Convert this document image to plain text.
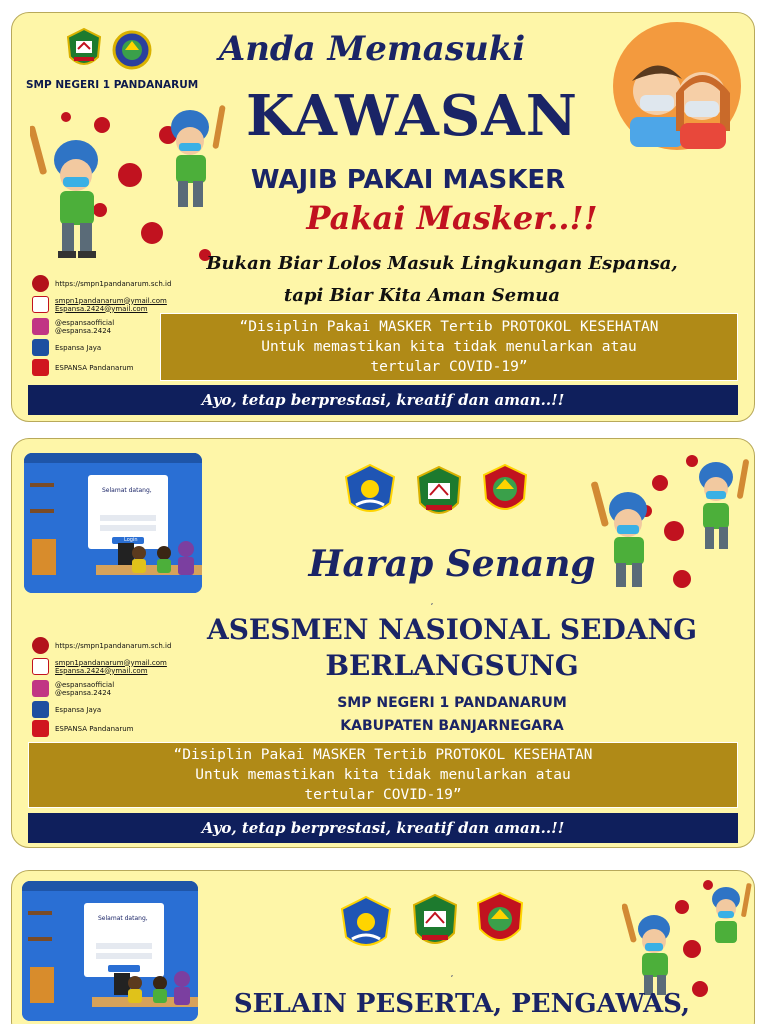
SMP NEGERI 1 PANDANARUM
Anda Memasuki
KAWASAN
WAJIB PAKAI MASKER
Pakai Masker..!!
Bukan Biar Lolos Masuk Lingkungan Espansa,
tapi Biar Kita Aman Semua
https://smpn1pandanarum.sch.id
smpn1pandanarum@ymail.com
Espansa.2424@ymail.com
@espansaofficial
@espansa.2424
Espansa Jaya
ESPANSA Pandanarum
“Disiplin Pakai MASKER Tertib PROTOKOL KESEHATAN
Untuk memastikan kita tidak menularkan atau
tertular COVID-19”
Ayo, tetap berprestasi, kreatif dan aman..!!
Selamat datang,
Login
Harap Senang
,
ASESMEN NASIONAL SEDANG
BERLANGSUNG
SMP NEGERI 1 PANDANARUM
KABUPATEN BANJARNEGARA
https://smpn1pandanarum.sch.id
smpn1pandanarum@ymail.com
Espansa.2424@ymail.com
@espansaofficial
@espansa.2424
Espansa Jaya
ESPANSA Pandanarum
“Disiplin Pakai MASKER Tertib PROTOKOL KESEHATAN
Untuk memastikan kita tidak menularkan atau
tertular COVID-19”
Ayo, tetap berprestasi, kreatif dan aman..!!
Selamat datang,
,
SELAIN PESERTA, PENGAWAS,
